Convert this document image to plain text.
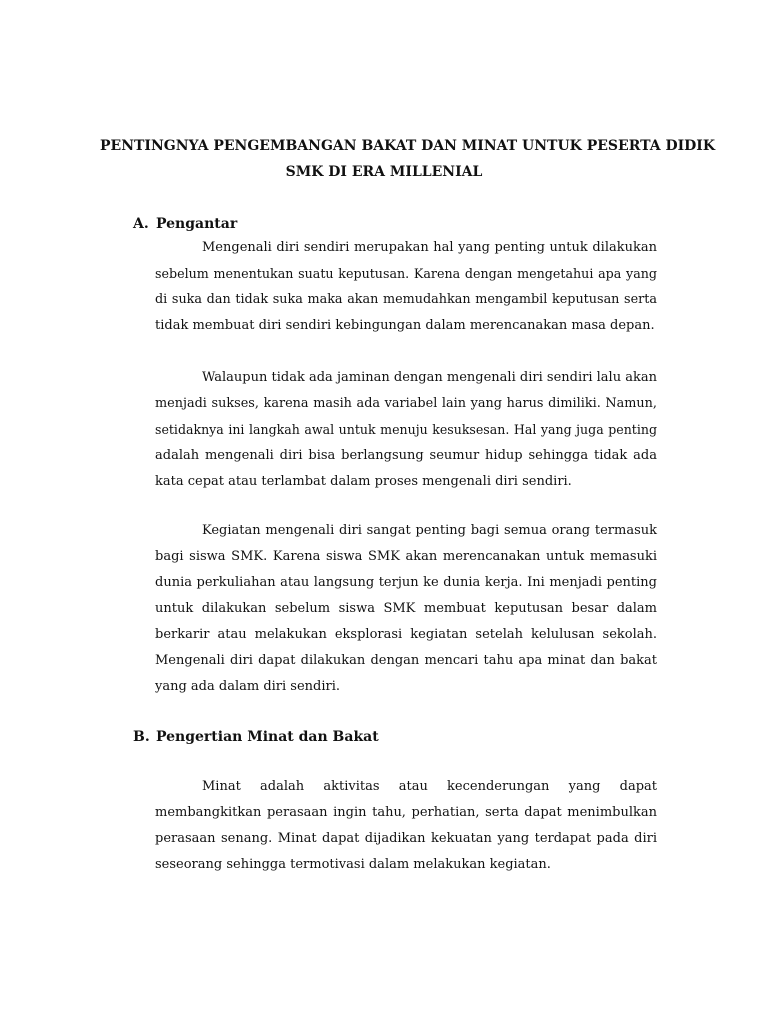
PENTINGNYA PENGEMBANGAN BAKAT DAN MINAT UNTUK PESERTA DIDIK
SMK DI ERA MILLENIAL
A. Pengantar
Mengenali diri sendiri merupakan hal yang penting untuk dilakukan
sebelum menentukan suatu keputusan. Karena dengan mengetahui apa yang
di suka dan tidak suka maka akan memudahkan mengambil keputusan serta
tidak membuat diri sendiri kebingungan dalam merencanakan masa depan.
Walaupun tidak ada jaminan dengan mengenali diri sendiri lalu akan
menjadi sukses, karena masih ada variabel lain yang harus dimiliki. Namun,
setidaknya ini langkah awal untuk menuju kesuksesan. Hal yang juga penting
adalah mengenali diri bisa berlangsung seumur hidup sehingga tidak ada
kata cepat atau terlambat dalam proses mengenali diri sendiri.
Kegiatan mengenali diri sangat penting bagi semua orang termasuk
bagi siswa SMK. Karena siswa SMK akan merencanakan untuk memasuki
dunia perkuliahan atau langsung terjun ke dunia kerja. Ini menjadi penting
untuk dilakukan sebelum siswa SMK membuat keputusan besar dalam
berkarir atau melakukan eksplorasi kegiatan setelah kelulusan sekolah.
Mengenali diri dapat dilakukan dengan mencari tahu apa minat dan bakat
yang ada dalam diri sendiri.
B. Pengertian Minat dan Bakat
Minat adalah aktivitas atau kecenderungan yang dapat
membangkitkan perasaan ingin tahu, perhatian, serta dapat menimbulkan
perasaan senang. Minat dapat dijadikan kekuatan yang terdapat pada diri
seseorang sehingga termotivasi dalam melakukan kegiatan.
